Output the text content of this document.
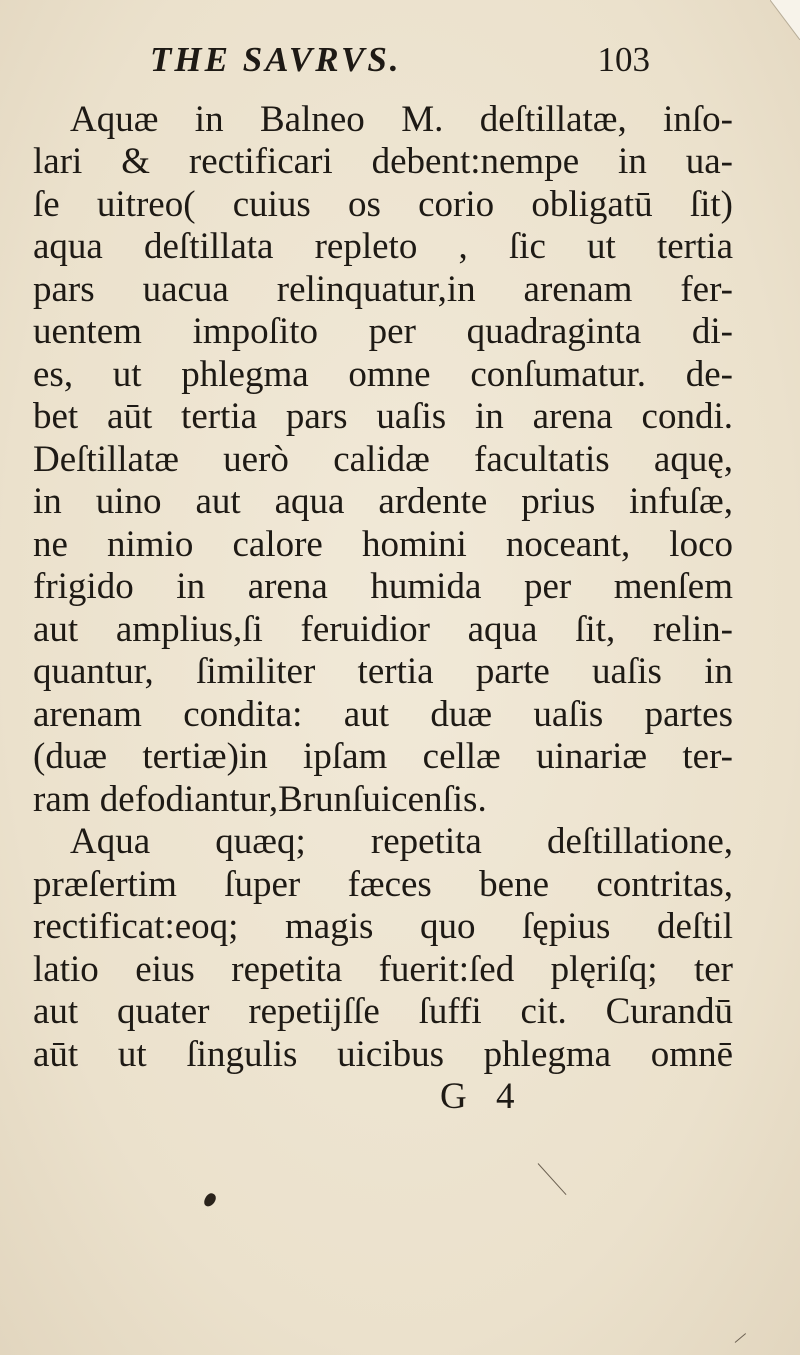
THE SAVRVS.	103
Aquæ in Balneo M. deſtillatæ, inſo-
lari & rectificari debent:nempe in ua-
ſe uitreo( cuius os corio obligatū ſit)
aqua deſtillata repleto , ſic ut tertia
pars uacua relinquatur,in arenam fer-
uentem impoſito per quadraginta di-
es, ut phlegma omne conſumatur. de-
bet aūt tertia pars uaſis in arena condi.
Deſtillatæ uerò calidæ facultatis aquę,
in uino aut aqua ardente prius infuſæ,
ne nimio calore homini noceant, loco
frigido in arena humida per menſem
aut amplius,ſi feruidior aqua ſit, relin-
quantur, ſimiliter tertia parte uaſis in
arenam condita: aut duæ uaſis partes
(duæ tertiæ)in ipſam cellæ uinariæ ter-
ram defodiantur,Brunſuicenſis.
Aqua quæq; repetita deſtillatione,
præſertim ſuper fæces bene contritas,
rectificat:eoq; magis quo ſępius deſtil
latio eius repetita fuerit:ſed plęriſq; ter
aut quater repetijſſe ſuffi cit. Curandū
aūt ut ſingulis uicibus phlegma omnē
G 4
